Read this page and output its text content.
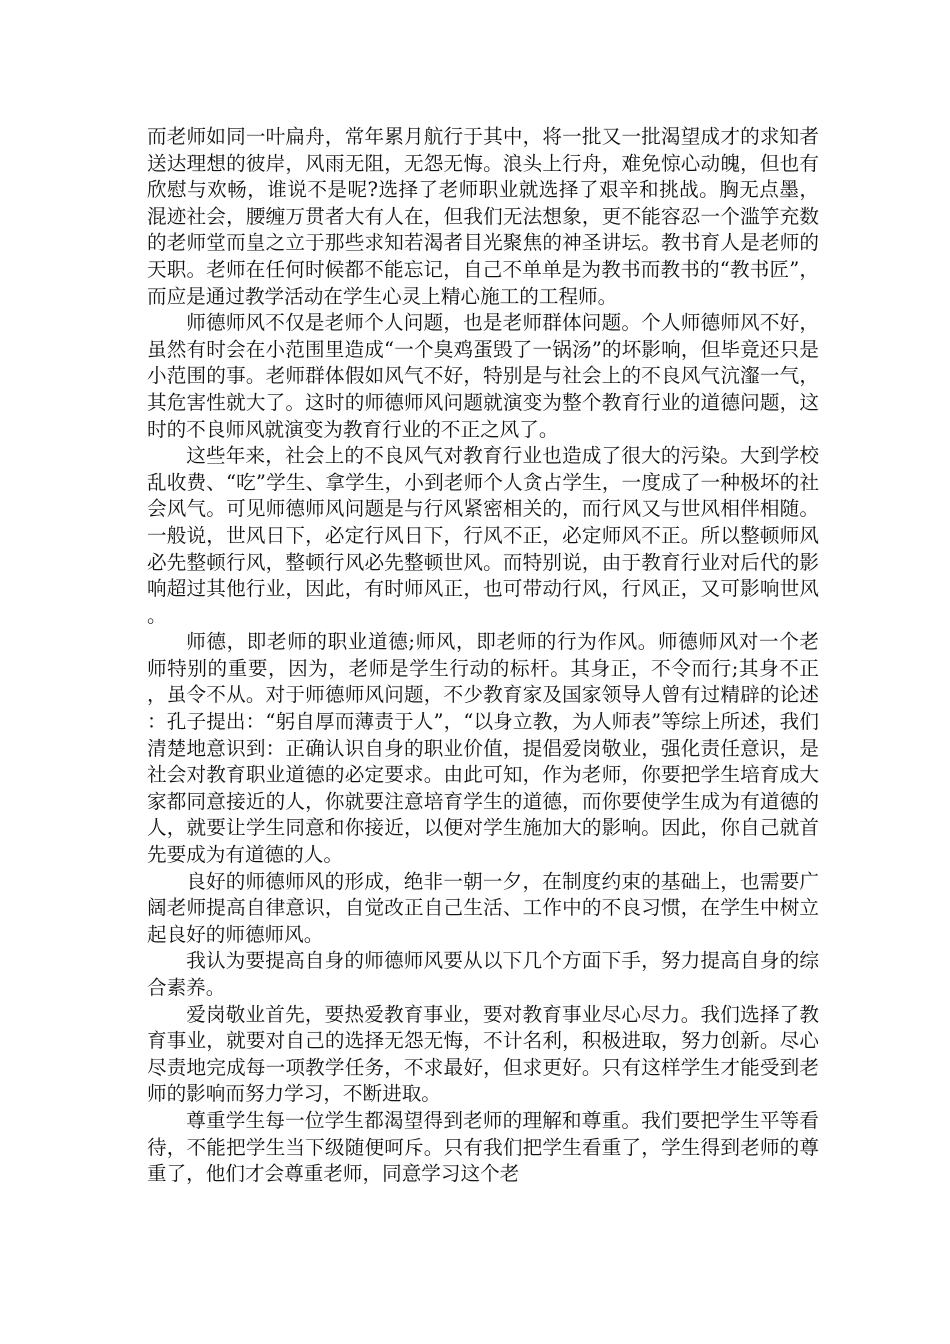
而老师如同一叶扁舟，常年累月航行于其中，将一批又一批渴望成才的求知者送达理想的彼岸，风雨无阻，无怨无悔。浪头上行舟，难免惊心动魄，但也有欣慰与欢畅，谁说不是呢?选择了老师职业就选择了艰辛和挑战。胸无点墨，混迹社会，腰缠万贯者大有人在，但我们无法想象，更不能容忍一个滥竽充数的老师堂而皇之立于那些求知若渴者目光聚焦的神圣讲坛。教书育人是老师的天职。老师在任何时候都不能忘记，自己不单单是为教书而教书的“教书匠”，而应是通过教学活动在学生心灵上精心施工的工程师。

师德师风不仅是老师个人问题，也是老师群体问题。个人师德师风不好，虽然有时会在小范围里造成“一个臭鸡蛋毁了一锅汤”的坏影响，但毕竟还只是小范围的事。老师群体假如风气不好，特别是与社会上的不良风气沆瀣一气，其危害性就大了。这时的师德师风问题就演变为整个教育行业的道德问题，这时的不良师风就演变为教育行业的不正之风了。

这些年来，社会上的不良风气对教育行业也造成了很大的污染。大到学校乱收费、“吃”学生、拿学生，小到老师个人贪占学生，一度成了一种极坏的社会风气。可见师德师风问题是与行风紧密相关的，而行风又与世风相伴相随。一般说，世风日下，必定行风日下，行风不正，必定师风不正。所以整顿师风必先整顿行风，整顿行风必先整顿世风。而特别说，由于教育行业对后代的影响超过其他行业，因此，有时师风正，也可带动行风，行风正，又可影响世风。

师德，即老师的职业道德;师风，即老师的行为作风。师德师风对一个老师特别的重要，因为，老师是学生行动的标杆。其身正，不令而行;其身不正，虽令不从。对于师德师风问题，不少教育家及国家领导人曾有过精辟的论述：孔子提出：“躬自厚而薄责于人”，“以身立教，为人师表”等综上所述，我们清楚地意识到：正确认识自身的职业价值，提倡爱岗敬业，强化责任意识，是社会对教育职业道德的必定要求。由此可知，作为老师，你要把学生培育成大家都同意接近的人，你就要注意培育学生的道德，而你要使学生成为有道德的人，就要让学生同意和你接近，以便对学生施加大的影响。因此，你自己就首先要成为有道德的人。

良好的师德师风的形成，绝非一朝一夕，在制度约束的基础上，也需要广阔老师提高自律意识，自觉改正自己生活、工作中的不良习惯，在学生中树立起良好的师德师风。

我认为要提高自身的师德师风要从以下几个方面下手，努力提高自身的综合素养。

爱岗敬业首先，要热爱教育事业，要对教育事业尽心尽力。我们选择了教育事业，就要对自己的选择无怨无悔，不计名利，积极进取，努力创新。尽心尽责地完成每一项教学任务，不求最好，但求更好。只有这样学生才能受到老师的影响而努力学习，不断进取。

尊重学生每一位学生都渴望得到老师的理解和尊重。我们要把学生平等看待，不能把学生当下级随便呵斥。只有我们把学生看重了，学生得到老师的尊重了，他们才会尊重老师，同意学习这个老
